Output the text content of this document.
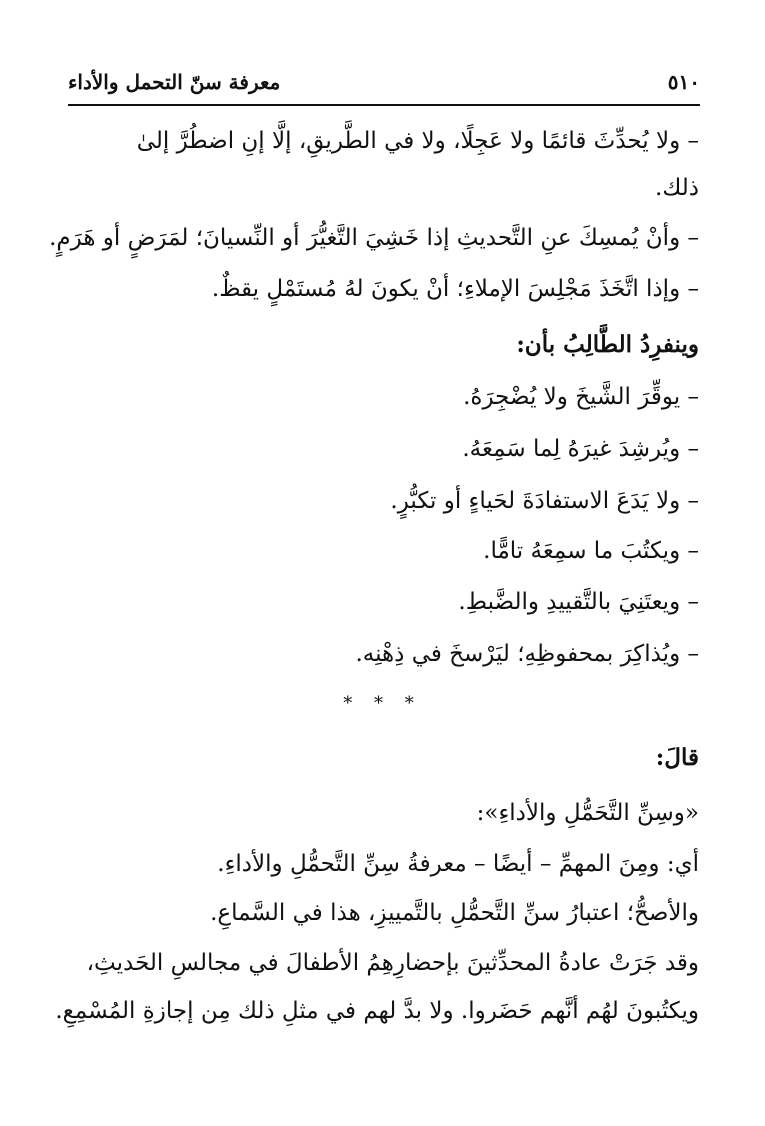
٥١٠
معرفة سنّ التحمل والأداء
– ولا يُحدِّثَ قائمًا ولا عَجِلًا، ولا في الطَّريقِ، إلَّا إنِ اضطُرَّ إلىٰ
ذلك.
– وأنْ يُمسِكَ عنِ التَّحديثِ إذا خَشِيَ التَّغيُّرَ أو النِّسيانَ؛ لمَرَضٍ أو هَرَمٍ.
– وإذا اتَّخَذَ مَجْلِسَ الإملاءِ؛ أنْ يكونَ لهُ مُستَمْلٍ يقظٌ.
وينفرِدُ الطَّالِبُ بأن:
– يوقِّرَ الشَّيخَ ولا يُضْجِرَهُ.
– ويُرشِدَ غيرَهُ لِما سَمِعَهُ.
– ولا يَدَعَ الاستفادَةَ لحَياءٍ أو تكبُّرٍ.
– ويكتُبَ ما سمِعَهُ تامًّا.
– ويعتَنِيَ بالتَّقييدِ والضَّبطِ.
– ويُذاكِرَ بمحفوظِهِ؛ ليَرْسخَ في ذِهْنِه.
* * *
قالَ:
«وسِنِّ التَّحَمُّلِ والأداءِ»:
أي: ومِنَ المهمِّ – أيضًا – معرفةُ سِنِّ التَّحمُّلِ والأداءِ.
والأصحُّ؛ اعتبارُ سنِّ التَّحمُّلِ بالتَّمييزِ، هذا في السَّماعِ.
وقد جَرَتْ عادةُ المحدِّثينَ بإحضارِهِمُ الأطفالَ في مجالسِ الحَديثِ،
ويكتُبونَ لهُم أنَّهم حَضَروا. ولا بدَّ لهم في مثلِ ذلك مِن إجازةِ المُسْمِعِ.
